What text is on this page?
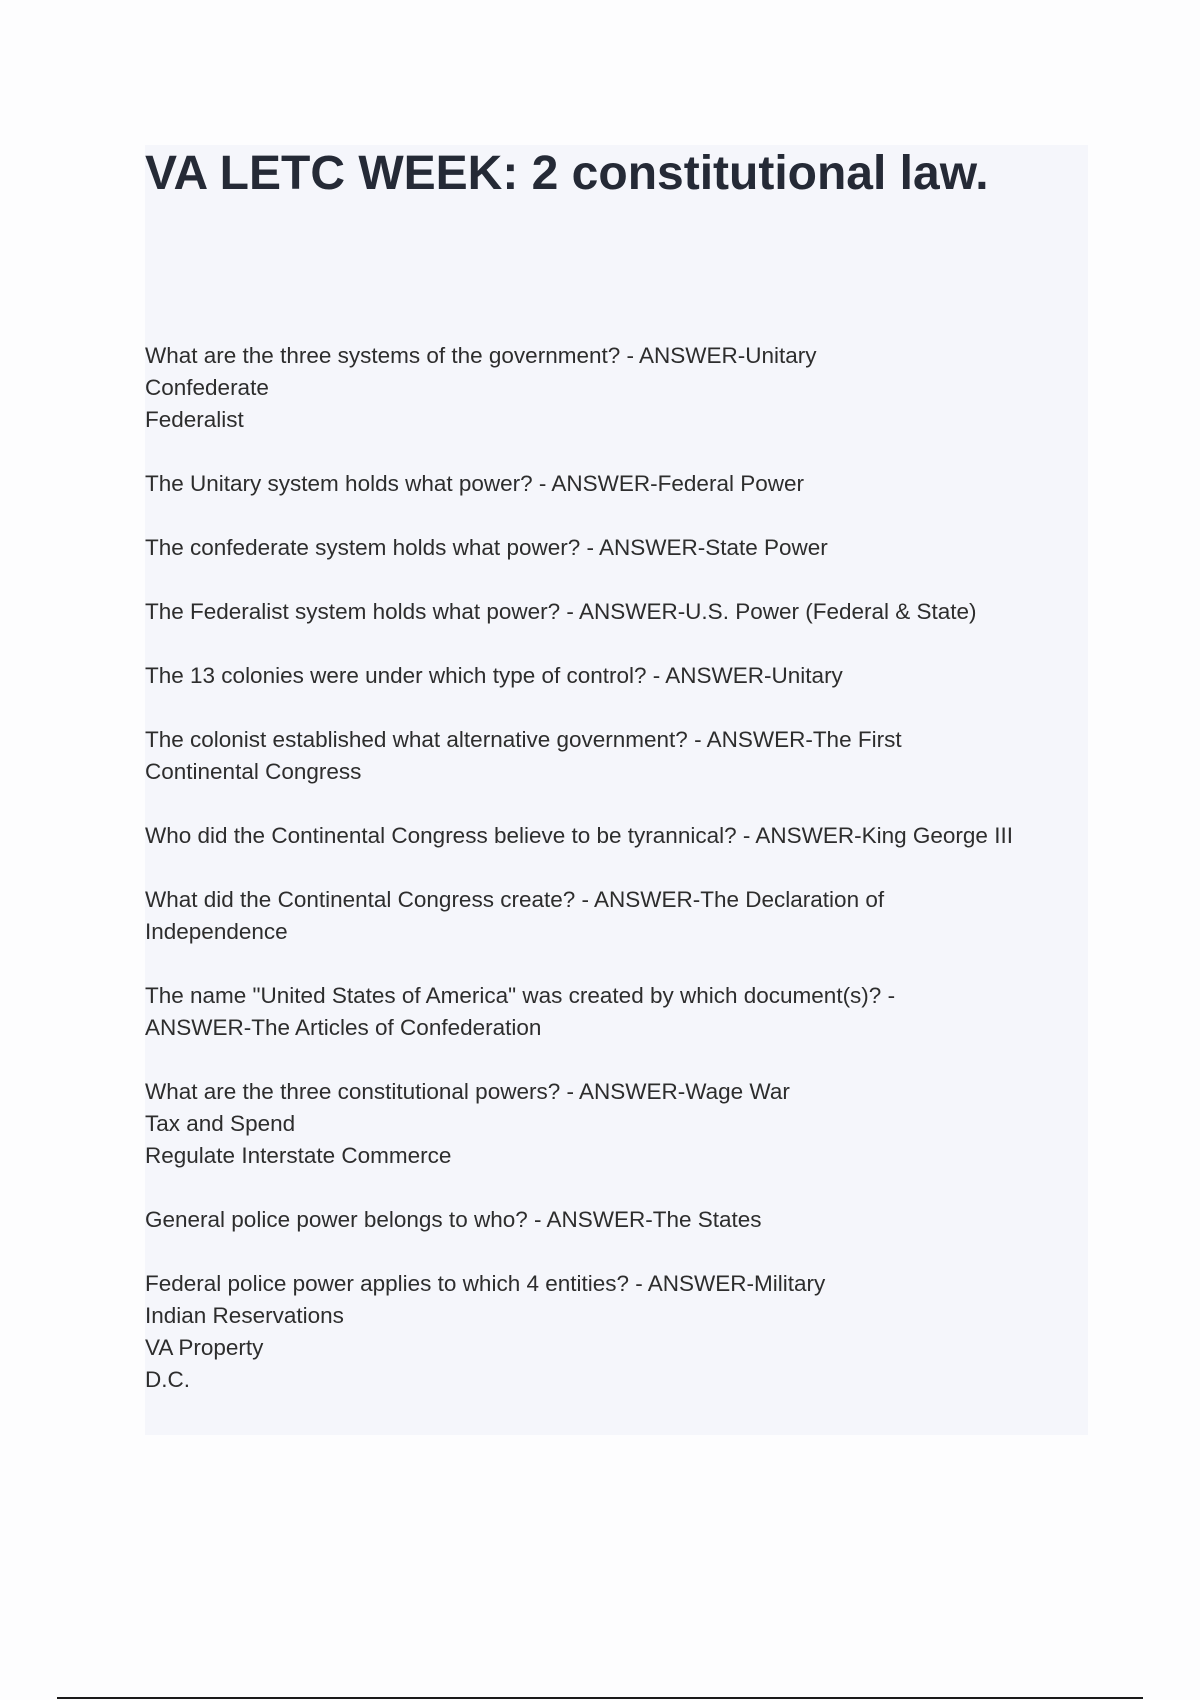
VA LETC WEEK: 2 constitutional law.
What are the three systems of the government? - ANSWER-Unitary
Confederate
Federalist
The Unitary system holds what power? - ANSWER-Federal Power
The confederate system holds what power? - ANSWER-State Power
The Federalist system holds what power? - ANSWER-U.S. Power (Federal & State)
The 13 colonies were under which type of control? - ANSWER-Unitary
The colonist established what alternative government? - ANSWER-The First
Continental Congress
Who did the Continental Congress believe to be tyrannical? - ANSWER-King George III
What did the Continental Congress create? - ANSWER-The Declaration of
Independence
The name "United States of America" was created by which document(s)? -
ANSWER-The Articles of Confederation
What are the three constitutional powers? - ANSWER-Wage War
Tax and Spend
Regulate Interstate Commerce
General police power belongs to who? - ANSWER-The States
Federal police power applies to which 4 entities? - ANSWER-Military
Indian Reservations
VA Property
D.C.
